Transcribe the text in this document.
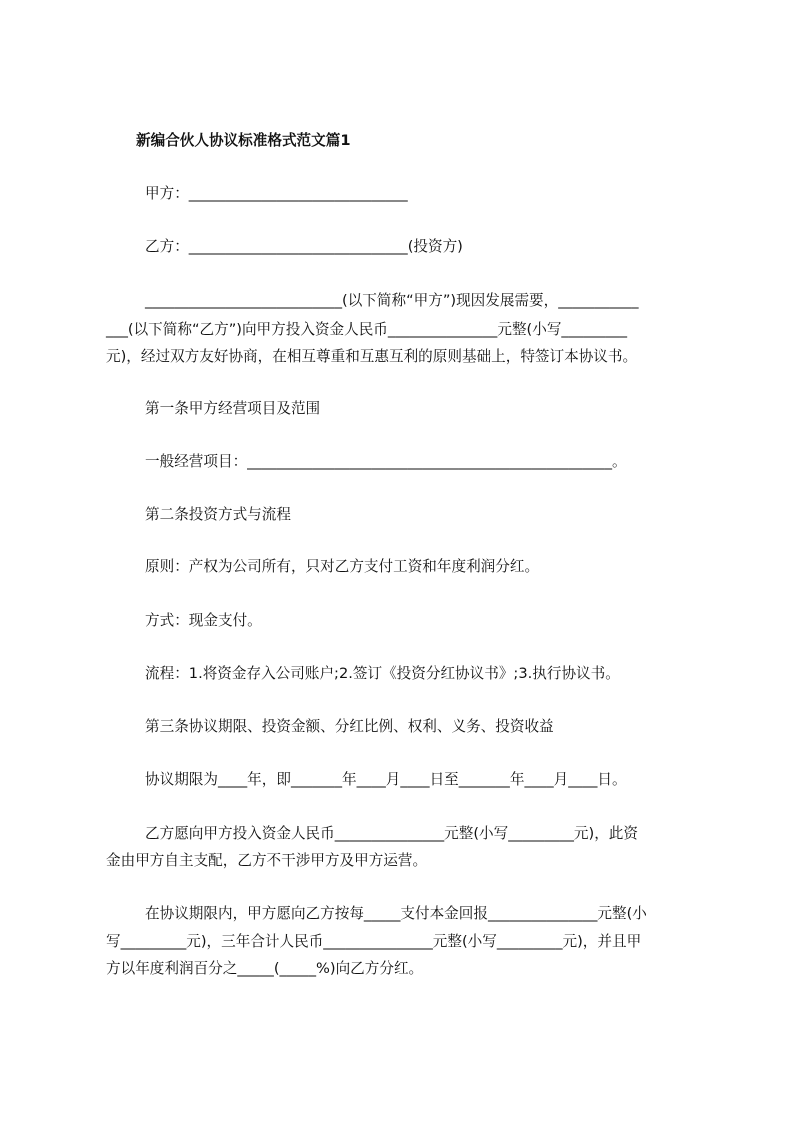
新编合伙人协议标准格式范文篇1
甲方：______________________________
乙方：______________________________(投资方)
___________________________(以下简称“甲方”)现因发展需要，___________
___(以下简称“乙方”)向甲方投入资金人民币_______________元整(小写_________
元)，经过双方友好协商，在相互尊重和互惠互利的原则基础上，特签订本协议书。
第一条甲方经营项目及范围
一般经营项目：__________________________________________________。
第二条投资方式与流程
原则：产权为公司所有，只对乙方支付工资和年度利润分红。
方式：现金支付。
流程：1.将资金存入公司账户;2.签订《投资分红协议书》;3.执行协议书。
第三条协议期限、投资金额、分红比例、权利、义务、投资收益
协议期限为____年，即_______年____月____日至_______年____月____日。
乙方愿向甲方投入资金人民币_______________元整(小写_________元)，此资
金由甲方自主支配，乙方不干涉甲方及甲方运营。
在协议期限内，甲方愿向乙方按每_____支付本金回报_______________元整(小
写_________元)，三年合计人民币_______________元整(小写_________元)，并且甲
方以年度利润百分之_____(_____%)向乙方分红。
